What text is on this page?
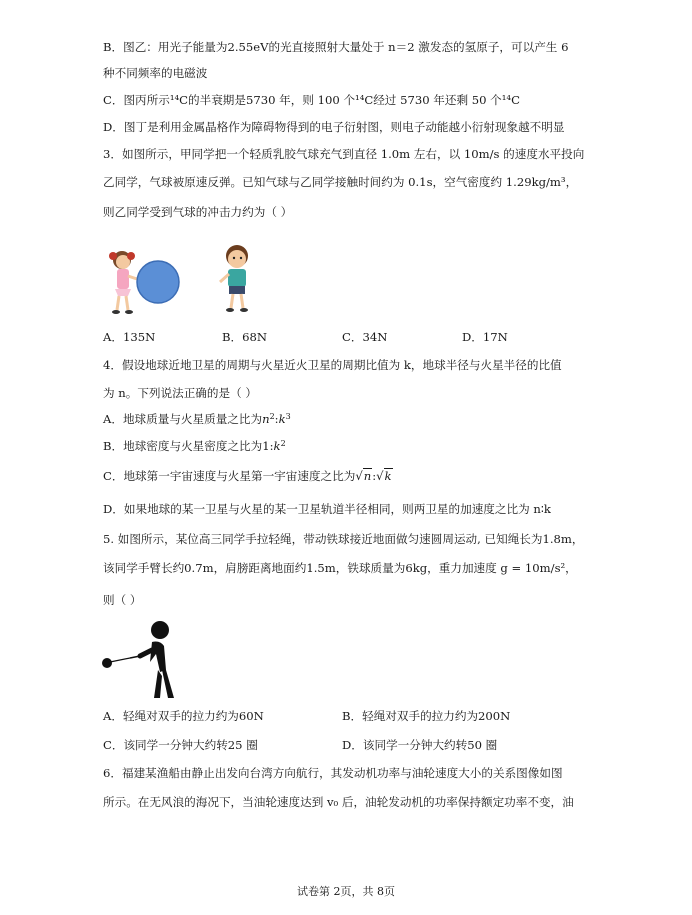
B．图乙：用光子能量为2.55eV的光直接照射大量处于 n＝2 激发态的氢原子，可以产生 6
种不同频率的电磁波
C．图丙所示¹⁴C的半衰期是5730 年，则 100 个¹⁴C经过 5730 年还剩 50 个¹⁴C
D．图丁是利用金属晶格作为障碍物得到的电子衍射图，则电子动能越小衍射现象越不明显
3．如图所示，甲同学把一个轻质乳胶气球充气到直径 1.0m 左右，以 10m/s 的速度水平投向
乙同学，气球被原速反弹。已知气球与乙同学接触时间约为 0.1s，空气密度约 1.29kg/m³，
则乙同学受到气球的冲击力约为（ ）
A．135N	B．68N	C．34N	D．17N
4．假设地球近地卫星的周期与火星近火卫星的周期比值为 k，地球半径与火星半径的比值
为 n。下列说法正确的是（ ）
A．地球质量与火星质量之比为$n^2:k^3$
B．地球密度与火星密度之比为$1:k^2$
C．地球第一宇宙速度与火星第一宇宙速度之比为√n:√k
D．如果地球的某一卫星与火星的某一卫星轨道半径相同，则两卫星的加速度之比为 n∶k
5. 如图所示，某位高三同学手拉轻绳，带动铁球接近地面做匀速圆周运动, 已知绳长为1.8m，
该同学手臂长约0.7m，肩膀距离地面约1.5m，铁球质量为6kg，重力加速度 g = 10m/s²，
则（ ）
A．轻绳对双手的拉力约为60N	B．轻绳对双手的拉力约为200N
C．该同学一分钟大约转25 圈	D．该同学一分钟大约转50 圈
6．福建某渔船由静止出发向台湾方向航行，其发动机功率与油轮速度大小的关系图像如图
所示。在无风浪的海况下，当油轮速度达到 v₀ 后，油轮发动机的功率保持额定功率不变，油
试卷第 2页，共 8页
